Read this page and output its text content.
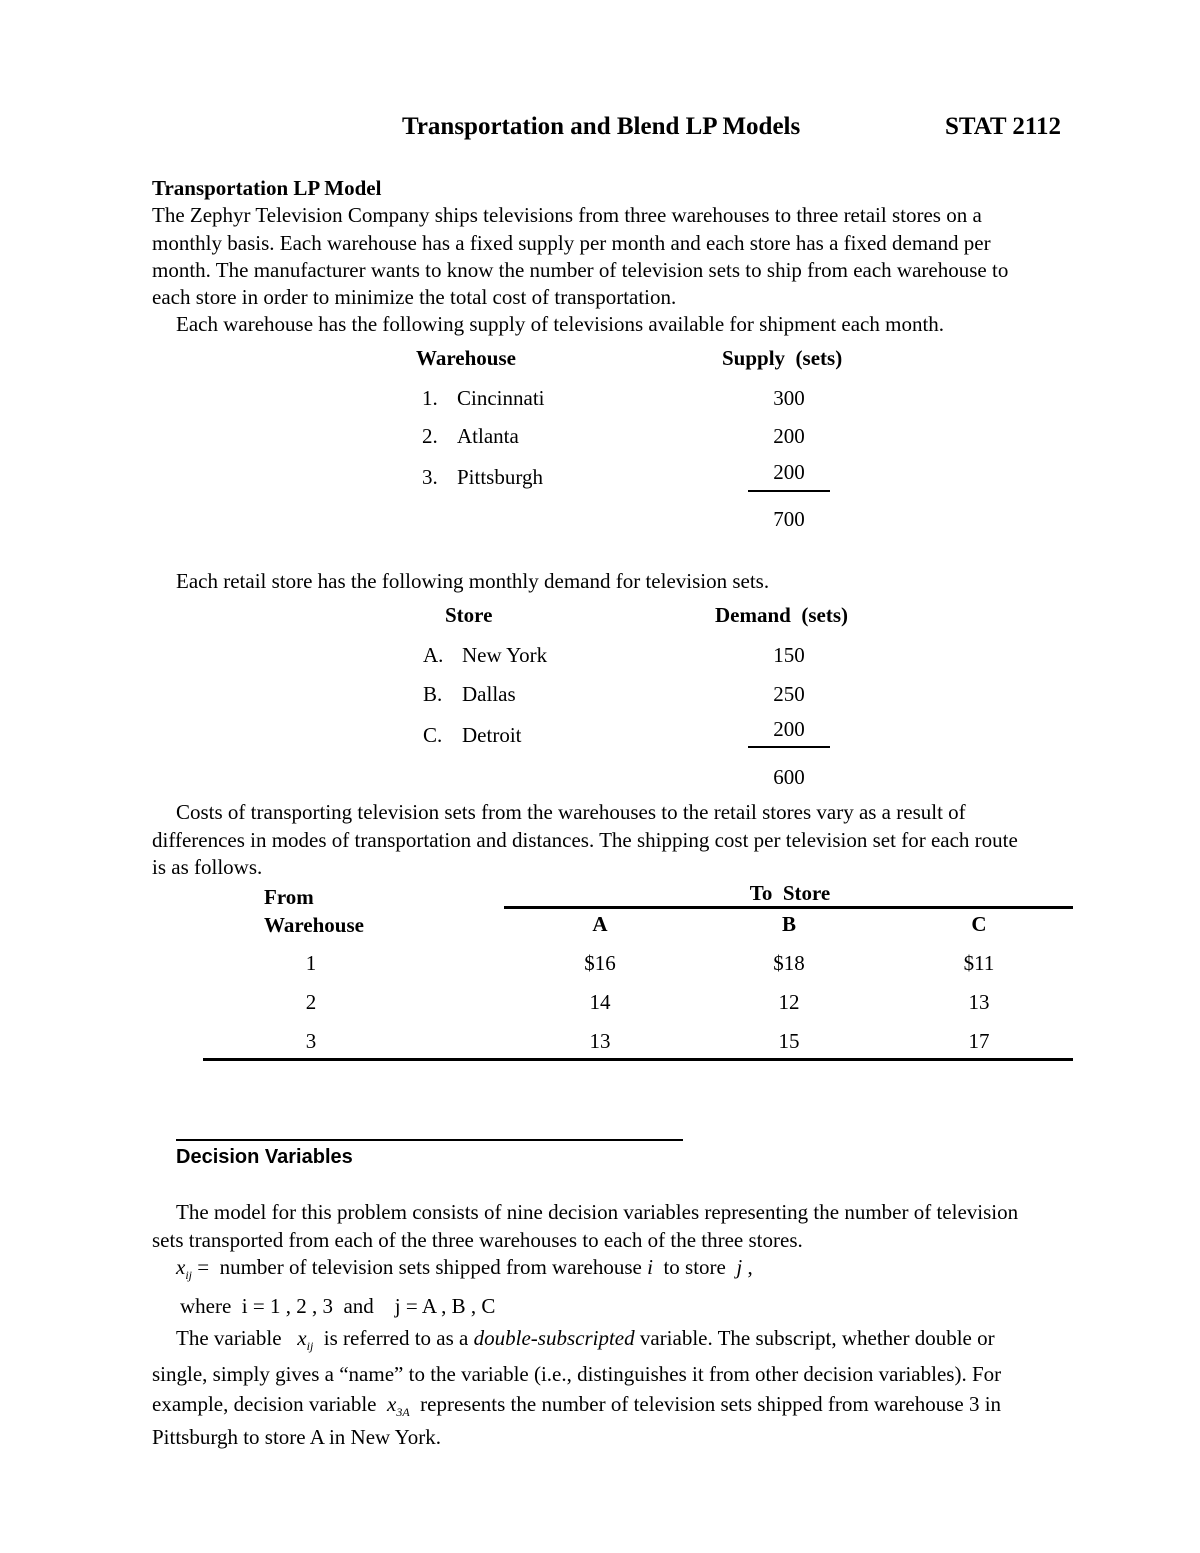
Transportation and Blend LP Models	STAT 2112
Transportation LP Model
The Zephyr Television Company ships televisions from three warehouses to three retail stores on a
monthly basis. Each warehouse has a fixed supply per month and each store has a fixed demand per
month. The manufacturer wants to know the number of television sets to ship from each warehouse to
each store in order to minimize the total cost of transportation.
Each warehouse has the following supply of televisions available for shipment each month.
Warehouse	Supply  (sets)
1. Cincinnati	300
2. Atlanta	200
3. Pittsburgh	200
700
Each retail store has the following monthly demand for television sets.
Store	Demand  (sets)
A. New York	150
B. Dallas	250
C. Detroit	200
600
Costs of transporting television sets from the warehouses to the retail stores vary as a result of
differences in modes of transportation and distances. The shipping cost per television set for each route
is as follows.
From
Warehouse
To  Store
A	B	C
1	$16	$18	$11
2	14	12	13
3	13	15	17
Decision Variables
The model for this problem consists of nine decision variables representing the number of television
sets transported from each of the three warehouses to each of the three stores.
$x_{ij}$ =  number of television sets shipped from warehouse i  to store  j ,
where  i = 1 , 2 , 3  and    j = A , B , C
The variable   $x_{ij}$  is referred to as a double-subscripted variable. The subscript, whether double or
single, simply gives a “name” to the variable (i.e., distinguishes it from other decision variables). For
example, decision variable  $x_{3A}$  represents the number of television sets shipped from warehouse 3 in
Pittsburgh to store A in New York.
